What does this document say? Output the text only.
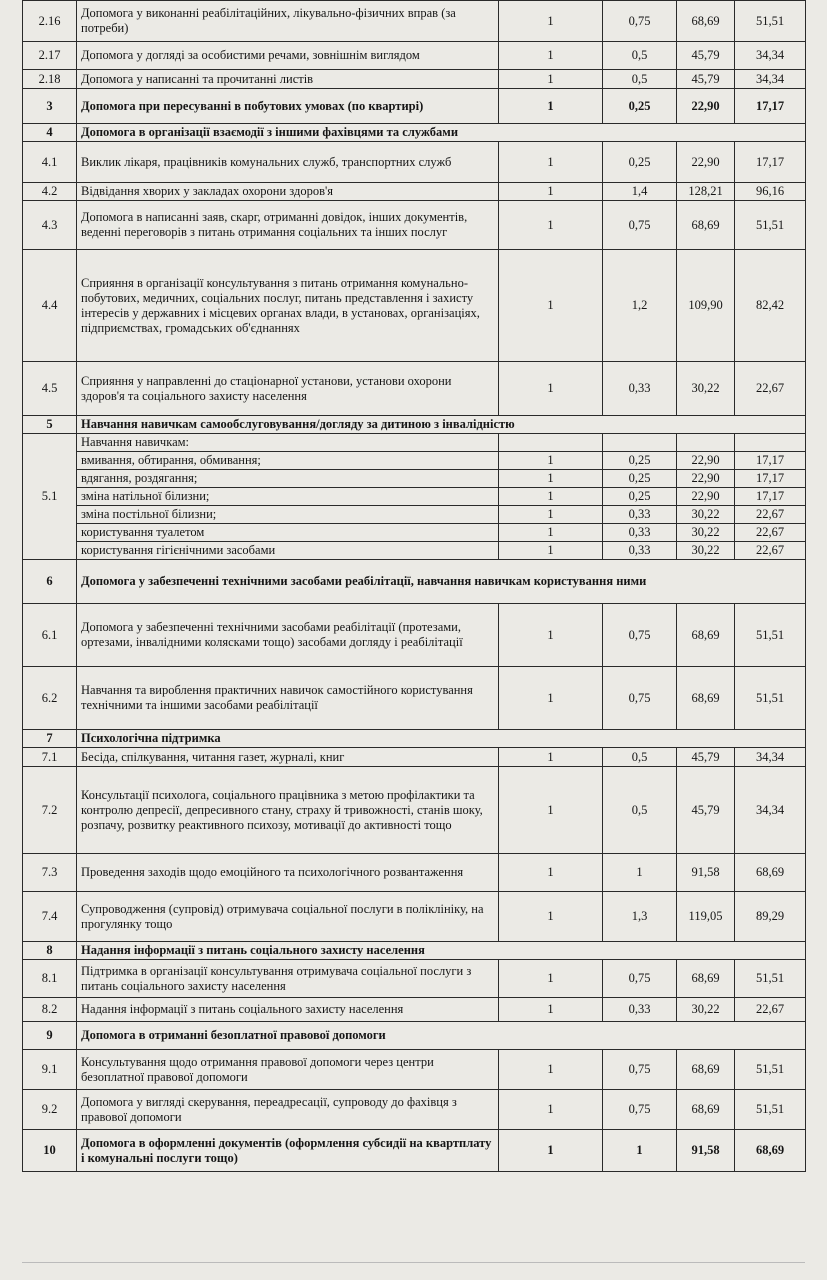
2.16	Допомога у виконанні реабілітаційних, лікувально-фізичних вправ (за потреби)	1	0,75	68,69	51,51
2.17	Допомога у догляді за особистими речами, зовнішнім виглядом	1	0,5	45,79	34,34
2.18	Допомога у написанні та прочитанні листів	1	0,5	45,79	34,34
3	Допомога при пересуванні в побутових умовах (по квартирі)	1	0,25	22,90	17,17
4	Допомога в організації взаємодії з іншими фахівцями та службами				
4.1	Виклик лікаря, працівників комунальних служб, транспортних служб	1	0,25	22,90	17,17
4.2	Відвідання хворих у закладах охорони здоров'я	1	1,4	128,21	96,16
4.3	Допомога в написанні заяв, скарг, отриманні довідок, інших документів, веденні переговорів з питань отримання соціальних та інших послуг	1	0,75	68,69	51,51
4.4	Сприяння в організації консультування з питань отримання комунально-побутових, медичних, соціальних послуг, питань представлення і захисту інтересів у державних і місцевих органах влади, в установах, організаціях, підприємствах, громадських об'єднаннях	1	1,2	109,90	82,42
4.5	Сприяння у направленні до стаціонарної установи, установи охорони здоров'я та соціального захисту населення	1	0,33	30,22	22,67
5	Навчання навичкам самообслуговування/догляду за дитиною з інвалідністю				
5.1	Навчання навичкам:				
	вмивання, обтирання, обмивання;	1	0,25	22,90	17,17
	вдягання, роздягання;	1	0,25	22,90	17,17
	зміна натільної білизни;	1	0,25	22,90	17,17
	зміна постільної білизни;	1	0,33	30,22	22,67
	користування туалетом	1	0,33	30,22	22,67
	користування гігієнічними засобами	1	0,33	30,22	22,67
6	Допомога у забезпеченні технічними засобами реабілітації, навчання навичкам користування ними				
6.1	Допомога у забезпеченні технічними засобами реабілітації (протезами, ортезами, інвалідними колясками тощо) засобами догляду і реабілітації	1	0,75	68,69	51,51
6.2	Навчання та вироблення практичних навичок самостійного користування технічними та іншими засобами реабілітації	1	0,75	68,69	51,51
7	Психологічна підтримка				
7.1	Бесіда, спілкування, читання газет, журналі, книг	1	0,5	45,79	34,34
7.2	Консультації психолога, соціального працівника з метою профілактики та контролю депресії, депресивного стану, страху й тривожності, станів шоку, розпачу, розвитку реактивного психозу, мотивації до активності тощо	1	0,5	45,79	34,34
7.3	Проведення заходів щодо емоційного та психологічного розвантаження	1	1	91,58	68,69
7.4	Супроводження (супровід) отримувача соціальної послуги в поліклініку, на прогулянку тощо	1	1,3	119,05	89,29
8	Надання інформації з питань соціального захисту населення				
8.1	Підтримка в організації консультування отримувача соціальної послуги з питань соціального захисту населення	1	0,75	68,69	51,51
8.2	Надання інформації з питань соціального захисту населення	1	0,33	30,22	22,67
9	Допомога в отриманні безоплатної правової допомоги				
9.1	Консультування щодо отримання правової допомоги через центри безоплатної правової допомоги	1	0,75	68,69	51,51
9.2	Допомога у вигляді скерування, переадресації, супроводу до фахівця з правової допомоги	1	0,75	68,69	51,51
10	Допомога в оформленні документів (оформлення субсидії на квартплату і комунальні послуги тощо)	1	1	91,58	68,69
